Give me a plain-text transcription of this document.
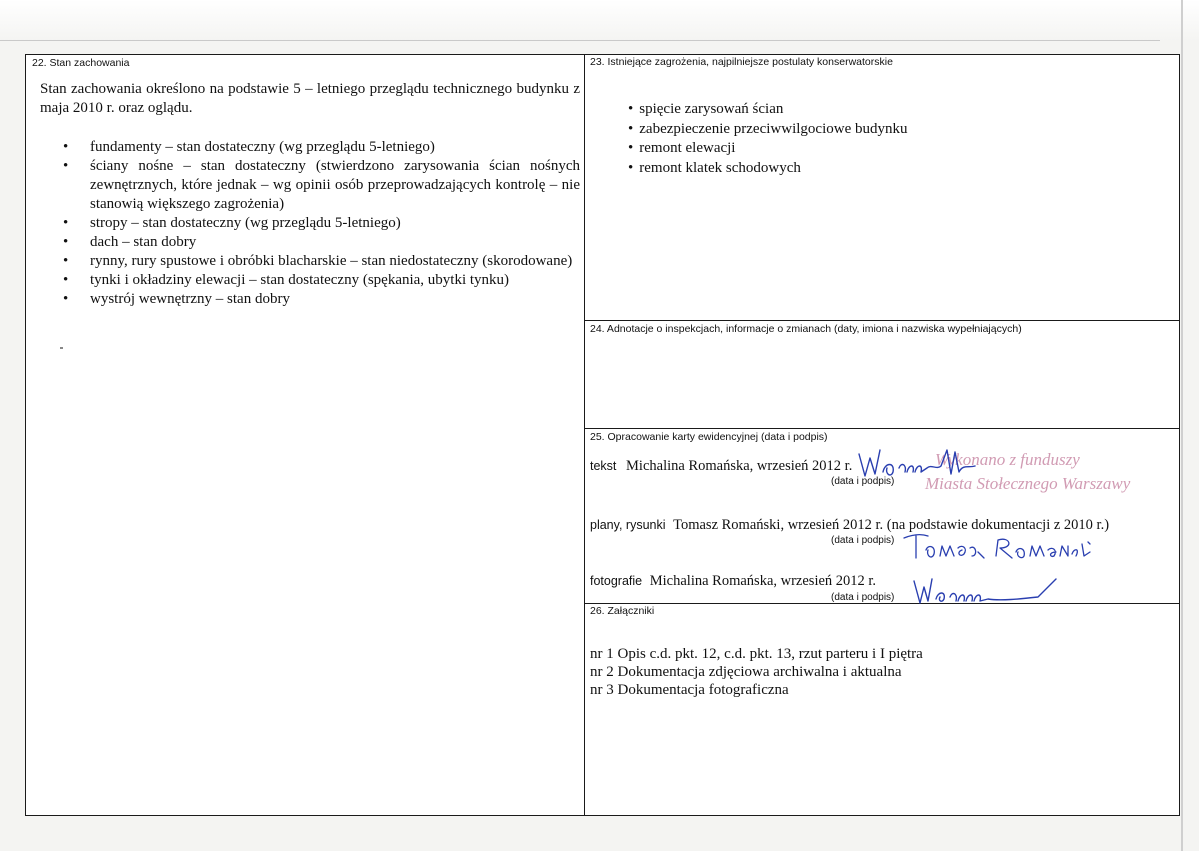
22. Stan zachowania
Stan zachowania określono na podstawie 5 – letniego przeglądu technicznego budynku z maja 2010 r. oraz oglądu.
• fundamenty – stan dostateczny (wg przeglądu 5-letniego)
• ściany nośne – stan dostateczny (stwierdzono zarysowania ścian nośnych zewnętrznych, które jednak – wg opinii osób przeprowadzających kontrolę – nie stanowią większego zagrożenia)
• stropy – stan dostateczny (wg przeglądu 5-letniego)
• dach – stan dobry
• rynny, rury spustowe i obróbki blacharskie – stan niedostateczny (skorodowane)
• tynki i okładziny elewacji – stan dostateczny (spękania, ubytki tynku)
• wystrój wewnętrzny – stan dobry
23. Istniejące zagrożenia, najpilniejsze postulaty konserwatorskie
• spięcie zarysowań ścian
• zabezpieczenie przeciwwilgociowe budynku
• remont elewacji
• remont klatek schodowych
24. Adnotacje o inspekcjach, informacje o zmianach (daty, imiona i nazwiska wypełniających)
25. Opracowanie karty ewidencyjnej (data i podpis)
tekst Michalina Romańska, wrzesień 2012 r.
(data i podpis)
Wykonano z funduszy
Miasta Stołecznego Warszawy
plany, rysunki Tomasz Romański, wrzesień 2012 r. (na podstawie dokumentacji z 2010 r.)
(data i podpis)
fotografie Michalina Romańska, wrzesień 2012 r.
(data i podpis)
26. Załączniki
nr 1 Opis c.d. pkt. 12, c.d. pkt. 13, rzut parteru i I piętra
nr 2 Dokumentacja zdjęciowa archiwalna i aktualna
nr 3 Dokumentacja fotograficzna
